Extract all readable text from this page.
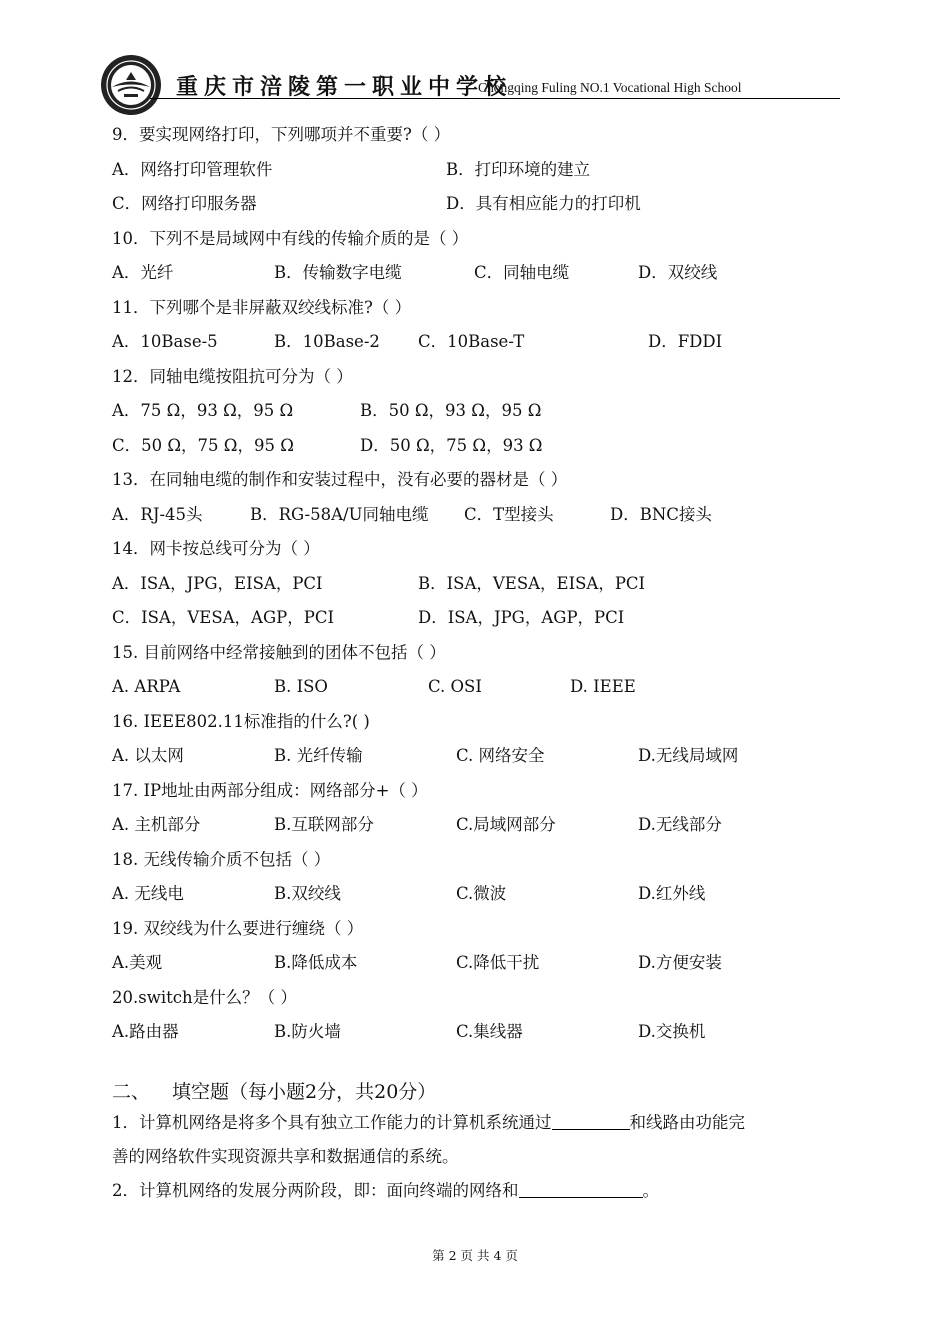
重庆市涪陵第一职业中学校
Chongqing Fuling NO.1 Vocational High School
9．要实现网络打印，下列哪项并不重要?（ ）
A．网络打印管理软件	B．打印环境的建立
C．网络打印服务器	D．具有相应能力的打印机
10．下列不是局域网中有线的传输介质的是（ ）
A．光纤	B．传输数字电缆	C．同轴电缆	D．双绞线
11．下列哪个是非屏蔽双绞线标准?（ ）
A．10Base-5	B．10Base-2 C．10Base-T	D．FDDI
12．同轴电缆按阻抗可分为（ ）
A．75 Ω，93 Ω，95 Ω	B．50 Ω，93 Ω，95 Ω
C．50 Ω，75 Ω，95 Ω	D．50 Ω，75 Ω，93 Ω
13．在同轴电缆的制作和安装过程中，没有必要的器材是（ ）
A．RJ-45头	B．RG-58A/U同轴电缆 C．T型接头	D．BNC接头
14．网卡按总线可分为（ ）
A．ISA，JPG，EISA，PCI	B．ISA，VESA，EISA，PCI
C．ISA，VESA，AGP，PCI	D．ISA，JPG，AGP，PCI
15. 目前网络中经常接触到的团体不包括（ ）
A. ARPA	B. ISO	C. OSI	D. IEEE
16. IEEE802.11标准指的什么?( )
A. 以太网	B. 光纤传输	C. 网络安全	D.无线局域网
17. IP地址由两部分组成：网络部分+（ ）
A. 主机部分	B.互联网部分	C.局域网部分	D.无线部分
18. 无线传输介质不包括（ ）
A. 无线电	B.双绞线	C.微波	D.红外线
19. 双绞线为什么要进行缠绕（ ）
A.美观	B.降低成本	C.降低干扰	D.方便安装
20.switch是什么？（ ）
A.路由器	B.防火墙	C.集线器	D.交换机
二、 填空题（每小题2分，共20分）
1．计算机网络是将多个具有独立工作能力的计算机系统通过	和线路由功能完
善的网络软件实现资源共享和数据通信的系统。
2．计算机网络的发展分两阶段，即：面向终端的网络和	。
第 2 页 共 4 页
